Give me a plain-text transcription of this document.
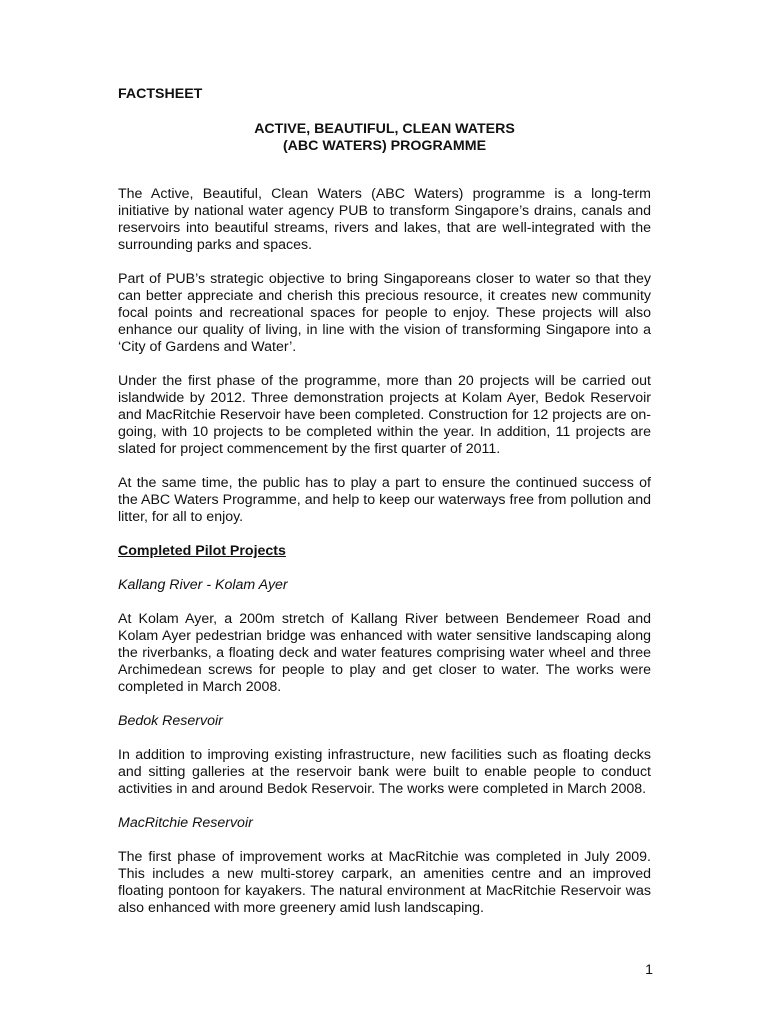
FACTSHEET
ACTIVE, BEAUTIFUL, CLEAN WATERS
(ABC WATERS) PROGRAMME

The Active, Beautiful, Clean Waters (ABC Waters) programme is a long-term initiative by national water agency PUB to transform Singapore’s drains, canals and reservoirs into beautiful streams, rivers and lakes, that are well-integrated with the surrounding parks and spaces.

Part of PUB’s strategic objective to bring Singaporeans closer to water so that they can better appreciate and cherish this precious resource, it creates new community focal points and recreational spaces for people to enjoy. These projects will also enhance our quality of living, in line with the vision of transforming Singapore into a ‘City of Gardens and Water’.

Under the first phase of the programme, more than 20 projects will be carried out islandwide by 2012. Three demonstration projects at Kolam Ayer, Bedok Reservoir and MacRitchie Reservoir have been completed. Construction for 12 projects are on-going, with 10 projects to be completed within the year. In addition, 11 projects are slated for project commencement by the first quarter of 2011.

At the same time, the public has to play a part to ensure the continued success of the ABC Waters Programme, and help to keep our waterways free from pollution and litter, for all to enjoy.

Completed Pilot Projects
Kallang River - Kolam Ayer

At Kolam Ayer, a 200m stretch of Kallang River between Bendemeer Road and Kolam Ayer pedestrian bridge was enhanced with water sensitive landscaping along the riverbanks, a floating deck and water features comprising water wheel and three Archimedean screws for people to play and get closer to water. The works were completed in March 2008.

Bedok Reservoir

In addition to improving existing infrastructure, new facilities such as floating decks and sitting galleries at the reservoir bank were built to enable people to conduct activities in and around Bedok Reservoir. The works were completed in March 2008.

MacRitchie Reservoir

The first phase of improvement works at MacRitchie was completed in July 2009. This includes a new multi-storey carpark, an amenities centre and an improved floating pontoon for kayakers. The natural environment at MacRitchie Reservoir was also enhanced with more greenery amid lush landscaping.

1
